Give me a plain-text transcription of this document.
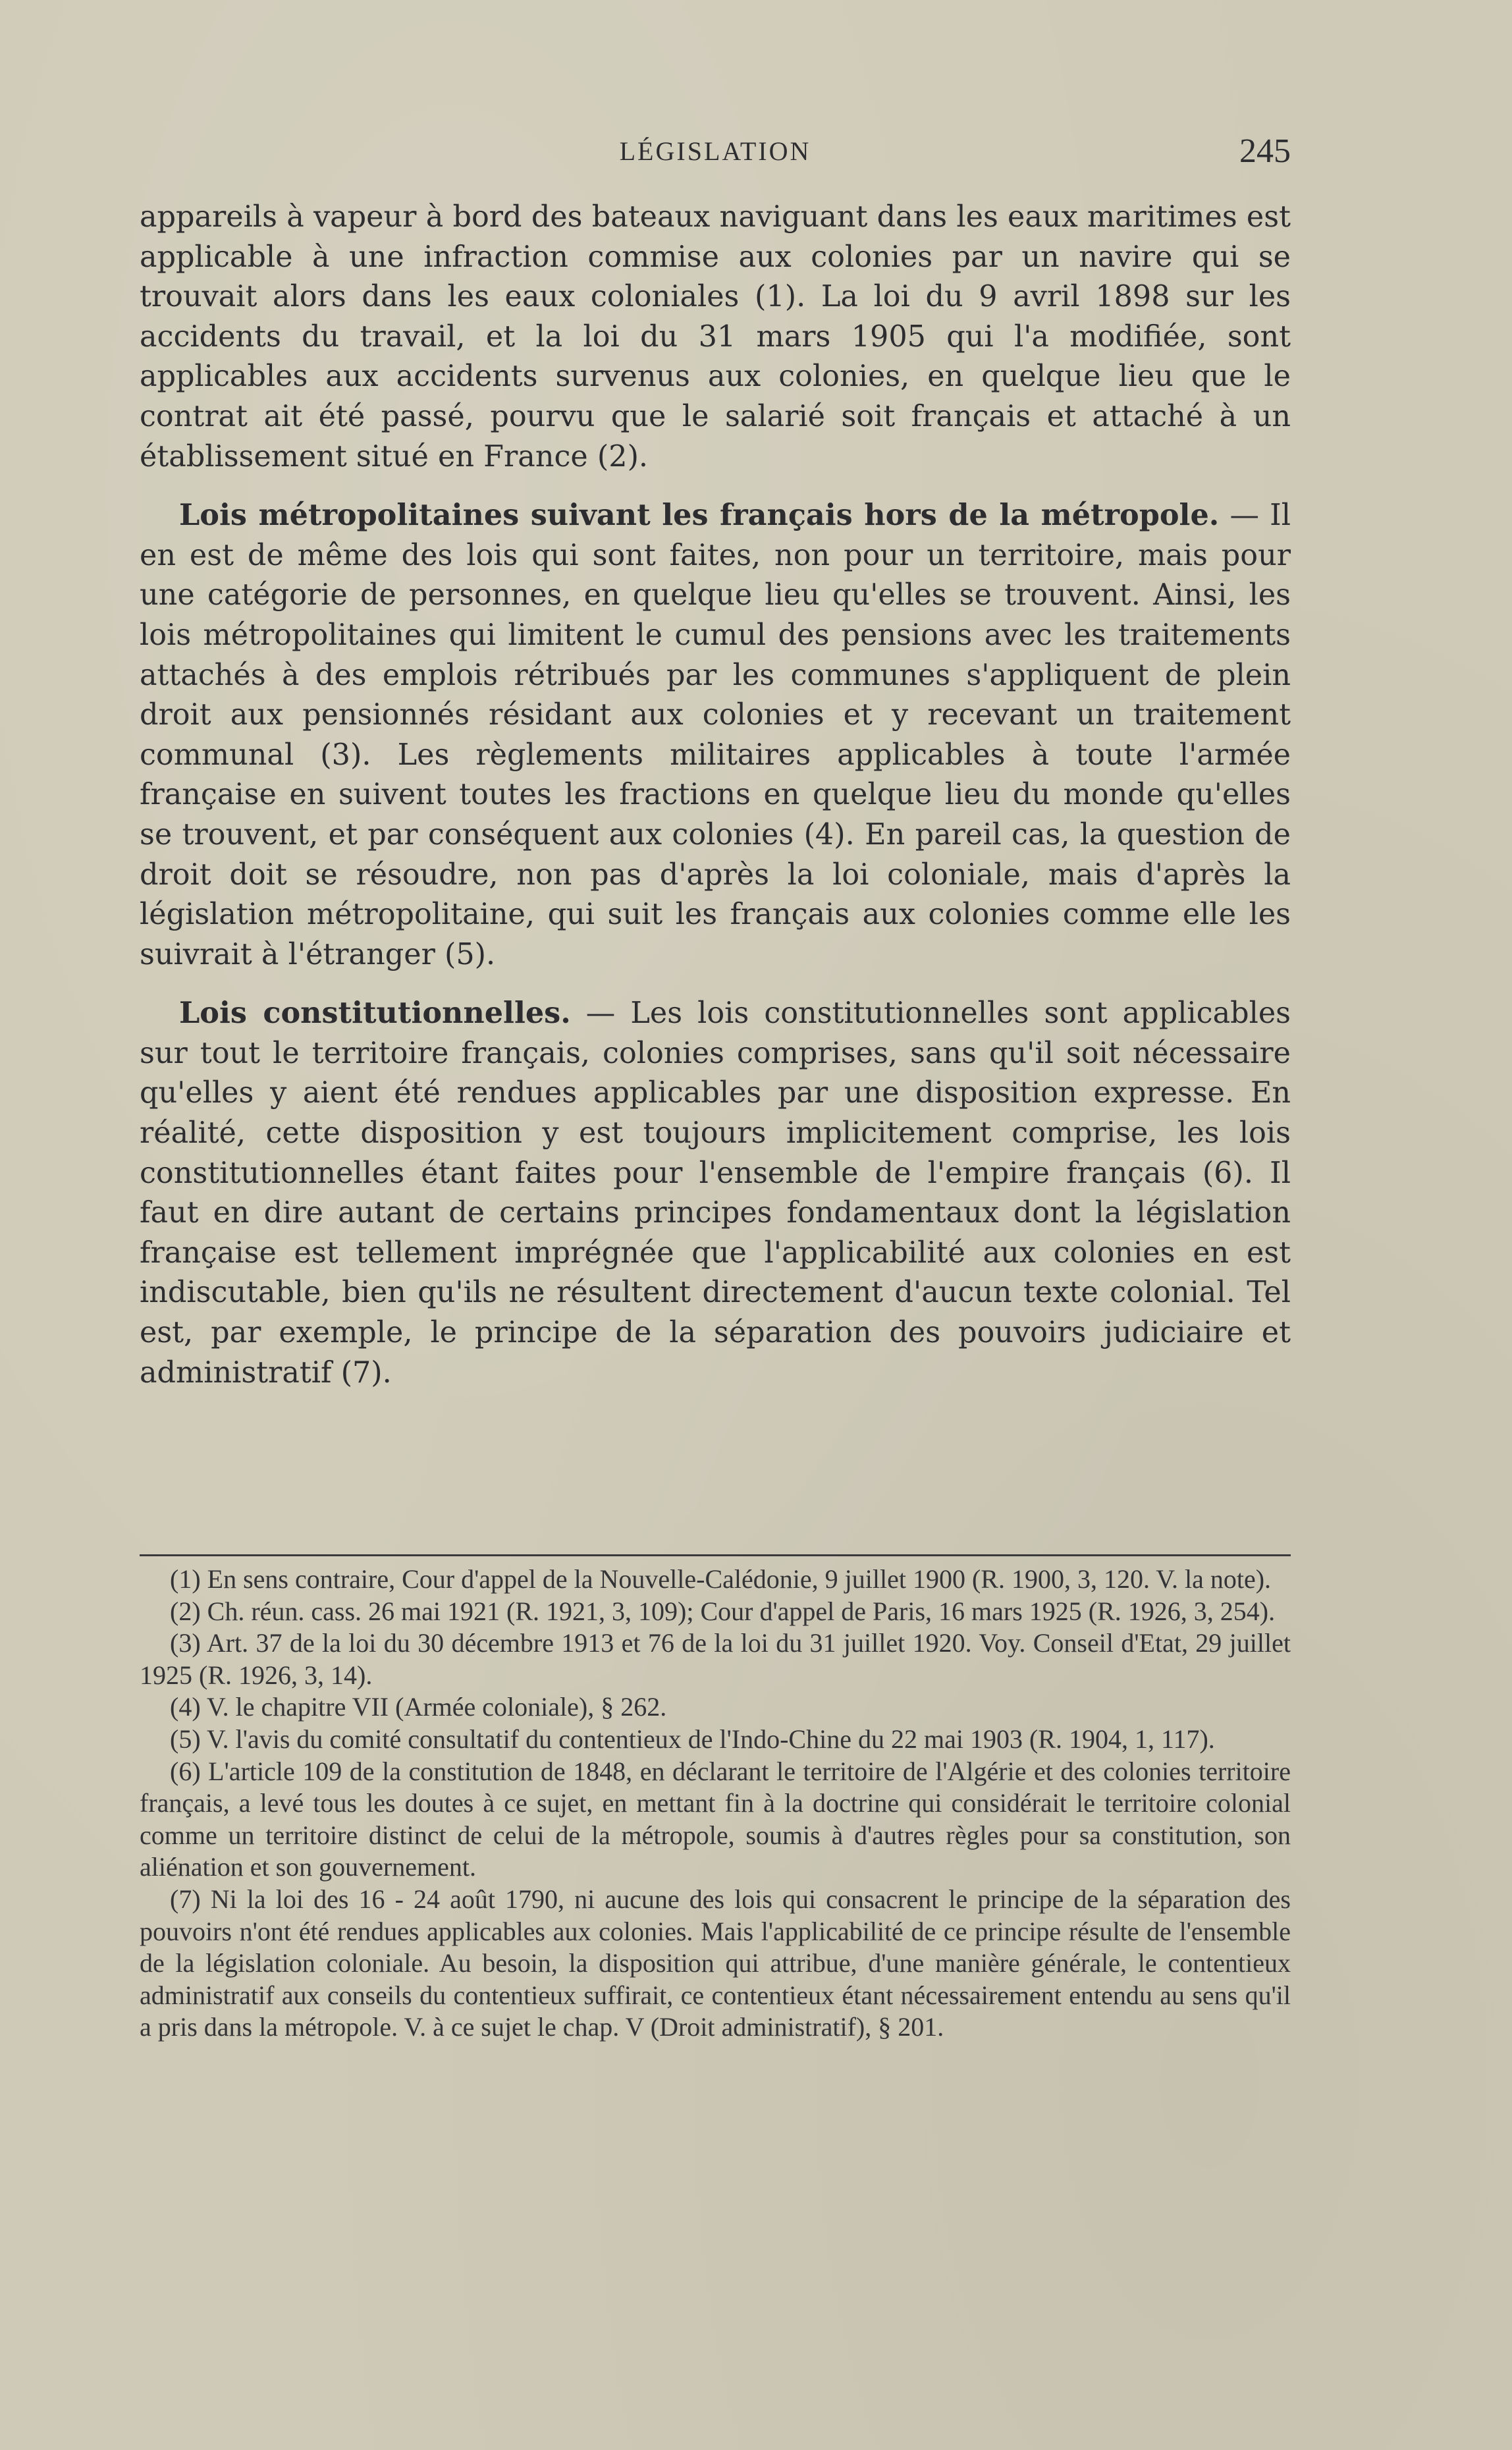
LÉGISLATION	245

appareils à vapeur à bord des bateaux naviguant dans les eaux maritimes est applicable à une infraction commise aux colonies par un navire qui se trouvait alors dans les eaux coloniales (1). La loi du 9 avril 1898 sur les accidents du travail, et la loi du 31 mars 1905 qui l'a modifiée, sont applicables aux accidents survenus aux colonies, en quelque lieu que le contrat ait été passé, pourvu que le salarié soit français et attaché à un établissement situé en France (2).

Lois métropolitaines suivant les français hors de la métropole. — Il en est de même des lois qui sont faites, non pour un territoire, mais pour une catégorie de personnes, en quelque lieu qu'elles se trouvent. Ainsi, les lois métropolitaines qui limitent le cumul des pensions avec les traitements attachés à des emplois rétribués par les communes s'appliquent de plein droit aux pensionnés résidant aux colonies et y recevant un traitement communal (3). Les règlements militaires applicables à toute l'armée française en suivent toutes les fractions en quelque lieu du monde qu'elles se trouvent, et par conséquent aux colonies (4). En pareil cas, la question de droit doit se résoudre, non pas d'après la loi coloniale, mais d'après la législation métropolitaine, qui suit les français aux colonies comme elle les suivrait à l'étranger (5).

Lois constitutionnelles. — Les lois constitutionnelles sont applicables sur tout le territoire français, colonies comprises, sans qu'il soit nécessaire qu'elles y aient été rendues applicables par une disposition expresse. En réalité, cette disposition y est toujours implicitement comprise, les lois constitutionnelles étant faites pour l'ensemble de l'empire français (6). Il faut en dire autant de certains principes fondamentaux dont la législation française est tellement imprégnée que l'applicabilité aux colonies en est indiscutable, bien qu'ils ne résultent directement d'aucun texte colonial. Tel est, par exemple, le principe de la séparation des pouvoirs judiciaire et administratif (7).

(1) En sens contraire, Cour d'appel de la Nouvelle-Calédonie, 9 juillet 1900 (R. 1900, 3, 120. V. la note).

(2) Ch. réun. cass. 26 mai 1921 (R. 1921, 3, 109); Cour d'appel de Paris, 16 mars 1925 (R. 1926, 3, 254).

(3) Art. 37 de la loi du 30 décembre 1913 et 76 de la loi du 31 juillet 1920. Voy. Conseil d'Etat, 29 juillet 1925 (R. 1926, 3, 14).

(4) V. le chapitre VII (Armée coloniale), § 262.

(5) V. l'avis du comité consultatif du contentieux de l'Indo-Chine du 22 mai 1903 (R. 1904, 1, 117).

(6) L'article 109 de la constitution de 1848, en déclarant le territoire de l'Algérie et des colonies territoire français, a levé tous les doutes à ce sujet, en mettant fin à la doctrine qui considérait le territoire colonial comme un territoire distinct de celui de la métropole, soumis à d'autres règles pour sa constitution, son aliénation et son gouvernement.

(7) Ni la loi des 16 - 24 août 1790, ni aucune des lois qui consacrent le principe de la séparation des pouvoirs n'ont été rendues applicables aux colonies. Mais l'applicabilité de ce principe résulte de l'ensemble de la législation coloniale. Au besoin, la disposition qui attribue, d'une manière générale, le contentieux administratif aux conseils du contentieux suffirait, ce contentieux étant nécessairement entendu au sens qu'il a pris dans la métropole. V. à ce sujet le chap. V (Droit administratif), § 201.
